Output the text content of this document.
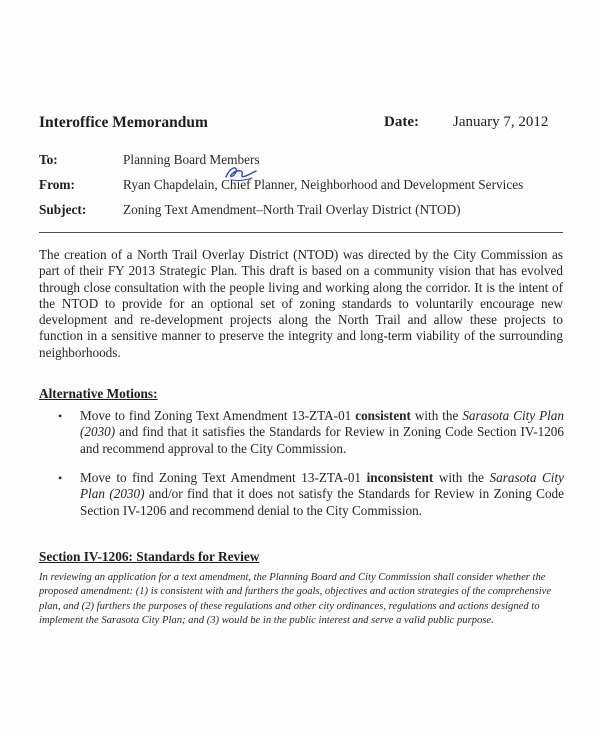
Interoffice Memorandum	Date: January 7, 2012
To:	Planning Board Members
From:	Ryan Chapdelain, Chief Planner, Neighborhood and Development Services
Subject:	Zoning Text Amendment–North Trail Overlay District (NTOD)

The creation of a North Trail Overlay District (NTOD) was directed by the City Commission as part of their FY 2013 Strategic Plan. This draft is based on a community vision that has evolved through close consultation with the people living and working along the corridor. It is the intent of the NTOD to provide for an optional set of zoning standards to voluntarily encourage new development and re-development projects along the North Trail and allow these projects to function in a sensitive manner to preserve the integrity and long-term viability of the surrounding neighborhoods.

Alternative Motions:
• Move to find Zoning Text Amendment 13-ZTA-01 consistent with the Sarasota City Plan (2030) and find that it satisfies the Standards for Review in Zoning Code Section IV-1206 and recommend approval to the City Commission.
• Move to find Zoning Text Amendment 13-ZTA-01 inconsistent with the Sarasota City Plan (2030) and/or find that it does not satisfy the Standards for Review in Zoning Code Section IV-1206 and recommend denial to the City Commission.
Section IV-1206: Standards for Review

In reviewing an application for a text amendment, the Planning Board and City Commission shall consider whether the proposed amendment: (1) is consistent with and furthers the goals, objectives and action strategies of the comprehensive plan, and (2) furthers the purposes of these regulations and other city ordinances, regulations and actions designed to implement the Sarasota City Plan; and (3) would be in the public interest and serve a valid public purpose.
